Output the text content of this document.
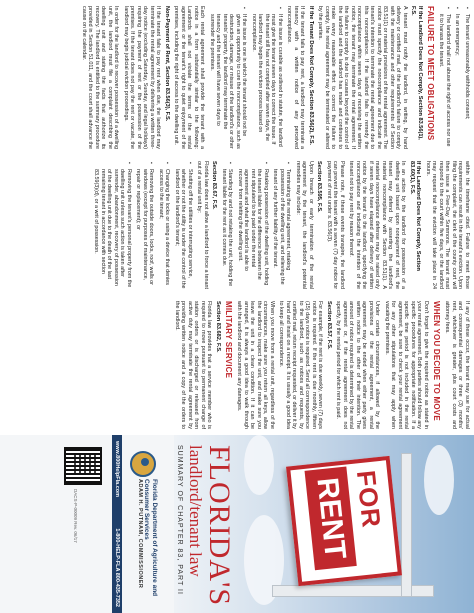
▪ The tenant unreasonably withholds consent;

▪ In an emergency;

▪ The landlord shall not abuse the right of access nor use it to harass the tenant.

FAILURE TO MEET OBLIGATIONS
If the Landlord Does Not Comply, Section 83.56(1), F.S.

A tenant must notify the landlord, in writing, by hand delivery or certified mail, of the landlord's failure to comply with the maintenance and other requirements of Section 83.51(1) or material provisions of the rental agreement. The notice must specify the noncompliance and indicate the tenant's intention to terminate the rental agreement due to this noncompliance. If the landlord fails to remedy the noncompliance within seven days of receiving the written notice, the tenant may terminate the rental agreement. If the failure to comply is due to causes beyond the control of the landlord and the landlord has made and continues to make every reasonable effort to correct the failure to comply, the rental agreement may be terminated or altered by the parties.

If the Tenant Does Not Comply, Section 83.56(2), F.S.

If the tenant fails to pay rent, a landlord may terminate a tenancy with a written notice of any perceived noncompliance.

▪ If the issue is curable as outlined in statute, the landlord must give the tenant seven days to correct the issue. If the tenant still has not complied after seven days, the landlord may begin the eviction process based on noncompliance.

▪ If the issue is one in which the tenant should not be given an opportunity to cure the noncompliance, such as destruction, damage, or misuse of the landlord's or other tenants' property, the landlord may terminate the tenancy and the tenant will have seven days to surrender the premises.

Each rental agreement shall provide the tenant with a notice in a form substantially similar to the following: Landlords shall not violate the terms of the rental agreement or the tenant's right to quiet enjoyment of the premises, including the right of access to the dwelling unit.

Non-Payment of Rent, Section 83.56(3), F.S.

If the tenant fails to pay rent when due, the landlord may terminate the rental agreement by delivering a written three-day notice (excluding Saturday, Sunday, and legal holidays) requiring the payment of rent or the possession of the premises. If the tenant does not pay the rent or vacate, the landlord may begin judicial eviction proceedings.

In order for the landlord to recover possession of a dwelling unit, the landlord must file a complaint describing the dwelling unit and stating the facts that authorize its recovery. The landlord is entitled to the summary procedure provided in Section 51.011, and the court shall advance the cause on the calendar.

within the timeframe cited. Failure to meet those requirements can result in the tenant's eviction. Upon filing the complaint, the clerk of the county court will then issue a Five-Day Summons. The tenant must respond to the court within five days, or the landlord may request that the eviction will take place in 24 hours.

If the Landlord Does Not Comply, Section 83.60(1), F.S.

In an action by the landlord for possession of a dwelling unit based upon nonpayment of rent, the tenant may defend by asserting the landlord's material noncompliance with Section 83.51(1). A material noncompliance defense may be raised only if seven days have elapsed after delivery of written notice by the tenant to the landlord, specifying the noncompliance and indicating the intention of the tenant not to pay rent by reason thereof.

Please note, if these events transpire, the landlord can prevent the tenant with a seven (7) day notice for payment of rent under s. 83.56(3).

Section 83.595, F.S.

Upon breach or early termination of the rental agreement by the tenant, the landlord's potential remedies may include:

▪ Terminating the rental agreement, retaking possession of the dwelling unit, and relieving the tenant of any further liability of the tenant.

▪ Retaking possession of the dwelling unit, holding the tenant liable for the difference between the rent stipulated to be paid under the rental agreement and what the landlord is able to recover from reletting the dwelling unit.

▪ Standing by and not retaking the unit, holding the tenant liable for the rent as it comes due.

Section 83.67, F.S.

Florida law does not allow a landlord to force a tenant out of a rental unit by:

▪ Shutting off the utilities or interrupting service, whether or not the utility is under the control of the landlord or the landlord's tenant;

▪ Changing the locks or using a device that denies access to the tenant;

▪ Removing the outside doors, locks, roof, walls or windows (except for purposes of maintenance, repair or replacement); or

▪ Removing the tenant's personal property from the dwelling unit unless such action is taken after surrender, abandonment, recovery of possession of the dwelling unit due to the death of the last remaining tenant in accordance with section 83.59(3)(d), or a writ of possession.

If any of these occur, the tenant may sue for actual and consequential damages or three (3) months' rent, whichever is greater, plus court costs and attorney fees.

WHEN YOU DECIDE TO MOVE

Don't forget to give the required notice as stated in your rental agreement. Both parties should follow any specific procedures for appropriate notification. If a specific time period is not included in the rental agreement, be sure to check your rental agreement for any other stipulations that may apply when vacating the premises.

Under certain circumstances, if allowed by the provisions of the rental agreement, a rental agreement may be ended when either party gives written notice to the other of their intention. The amount of notice required is determined by the rental agreement or, if the rental agreement does not specify, by the rental period for which rent is paid.

Section 83.57, F.S.

For example, if the rent is due weekly, seven (7) days notice is required. If the rent is due monthly, fifteen (15) days notice is required. Send all correspondence to the landlord, such as notices and requests, by certified mail, return receipt requested, or deliver it by hand and insist on a receipt. It is usually a good idea to keep all correspondence.

When you move from a rental unit, regardless of the circumstances, make sure you return all keys, allow the landlord to inspect the unit, and make sure you leave the unit in a clean condition. If it can be arranged, it is always a good idea to walk through with the landlord and document any damages.

MILITARY SERVICE
Section 83.682, F.S.

Florida law provides that a service member who is required to move pursuant to permanent change of station orders or is discharged or released from active duty may terminate the rental agreement by providing written notice and a copy of the orders to the landlord.

FOR
RENT
FLORIDA'S
landlord/tenant law
SUMMARY OF CHAPTER 83, PART II
Florida Department of Agriculture and Consumer Services
ADAM H. PUTNAM, COMMISSIONER
www.800HelpFla.com
1-800-HELP-FLA 800-435-7352
DACS-P-00009 Rev. 06/17
